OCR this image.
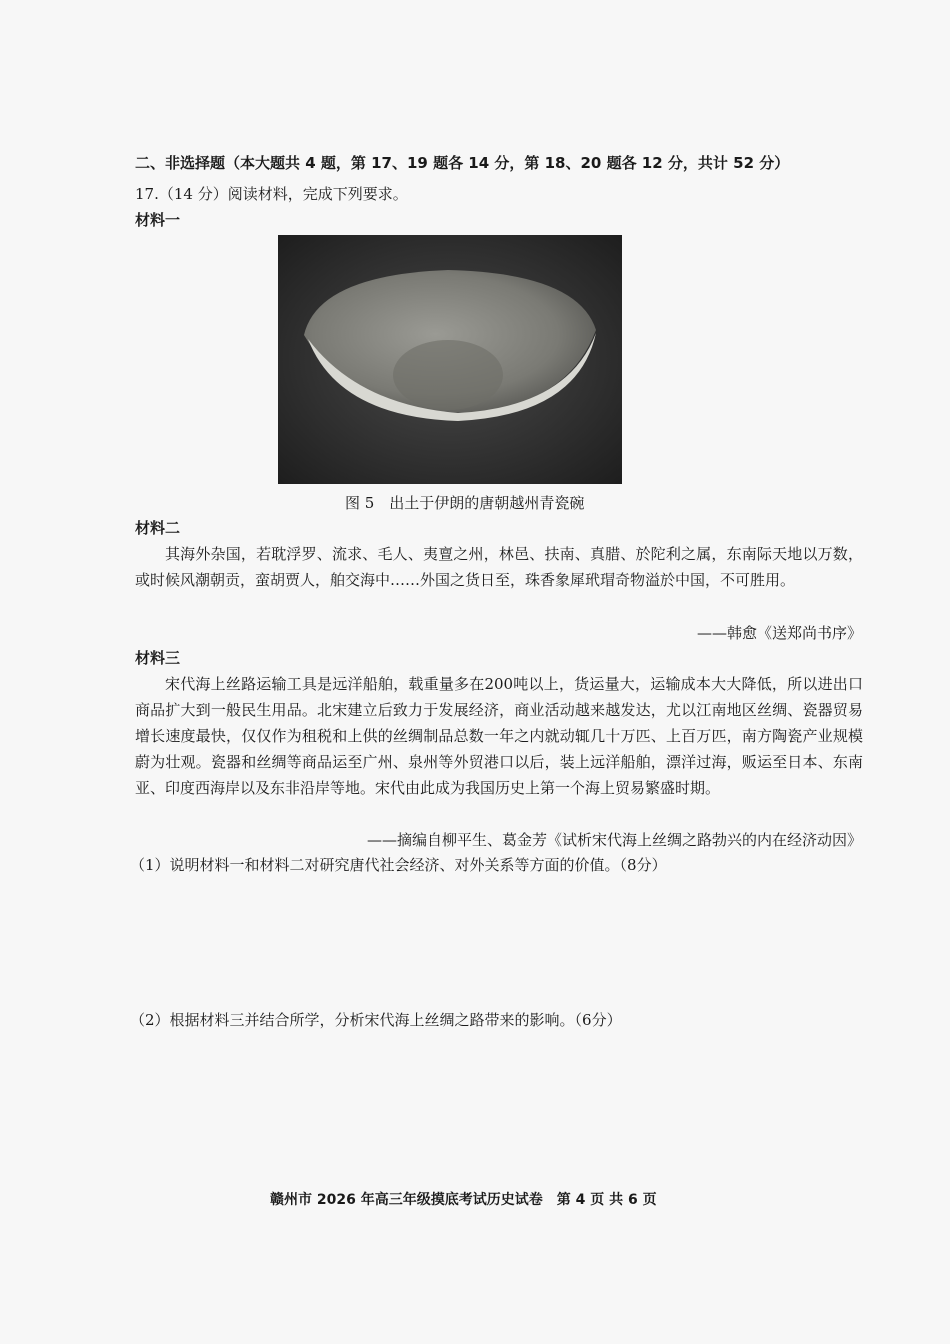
二、非选择题（本大题共 4 题，第 17、19 题各 14 分，第 18、20 题各 12 分，共计 52 分）
17.（14 分）阅读材料，完成下列要求。
材料一
图 5　出土于伊朗的唐朝越州青瓷碗
材料二
其海外杂国，若耽浮罗、流求、毛人、夷亶之州，林邑、扶南、真腊、於陀利之属，东南际天地以万数，或时候风潮朝贡，蛮胡贾人，舶交海中……外国之货日至，珠香象犀玳瑁奇物溢於中国，不可胜用。
——韩愈《送郑尚书序》
材料三
宋代海上丝路运输工具是远洋船舶，载重量多在200吨以上，货运量大，运输成本大大降低，所以进出口商品扩大到一般民生用品。北宋建立后致力于发展经济，商业活动越来越发达，尤以江南地区丝绸、瓷器贸易增长速度最快，仅仅作为租税和上供的丝绸制品总数一年之内就动辄几十万匹、上百万匹，南方陶瓷产业规模蔚为壮观。瓷器和丝绸等商品运至广州、泉州等外贸港口以后，装上远洋船舶，漂洋过海，贩运至日本、东南亚、印度西海岸以及东非沿岸等地。宋代由此成为我国历史上第一个海上贸易繁盛时期。
——摘编自柳平生、葛金芳《试析宋代海上丝绸之路勃兴的内在经济动因》
（1）说明材料一和材料二对研究唐代社会经济、对外关系等方面的价值。（8分）
（2）根据材料三并结合所学，分析宋代海上丝绸之路带来的影响。（6分）
赣州市 2026 年高三年级摸底考试历史试卷　第 4 页 共 6 页
